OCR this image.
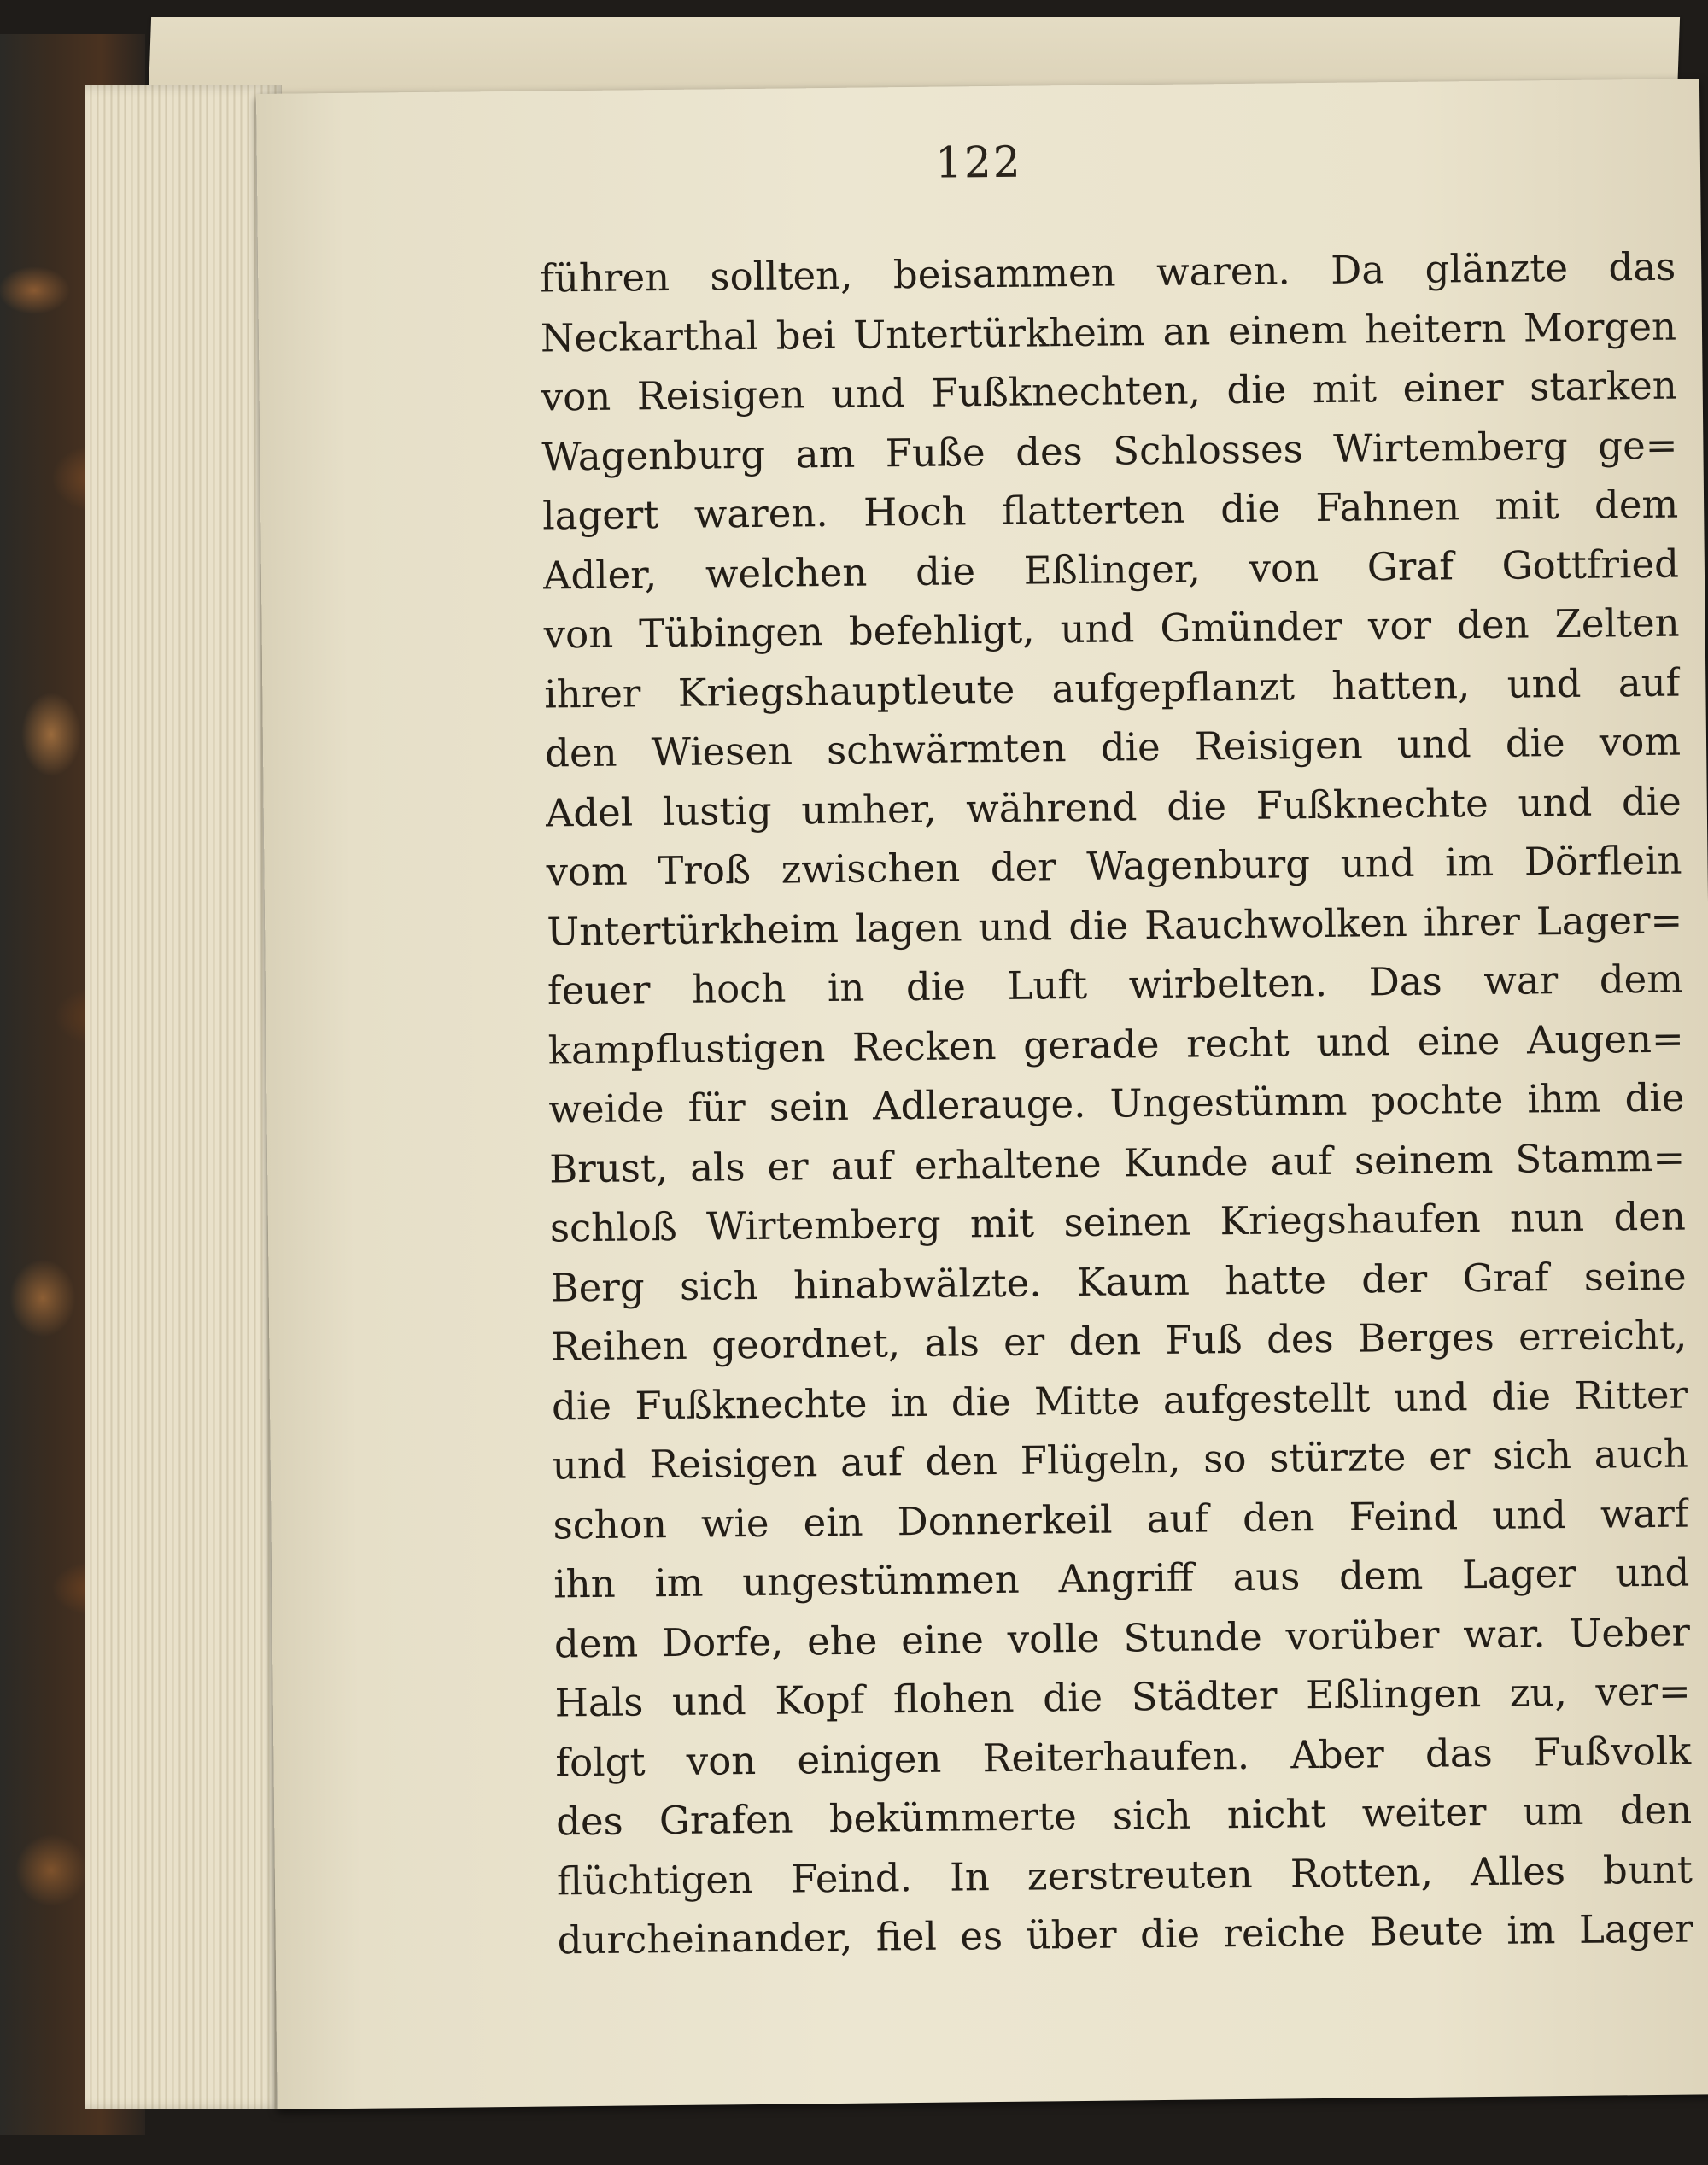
122
führen sollten, beisammen waren. Da glänzte das
Neckarthal bei Untertürkheim an einem heitern Morgen
von Reisigen und Fußknechten, die mit einer starken
Wagenburg am Fuße des Schlosses Wirtemberg ge=
lagert waren. Hoch flatterten die Fahnen mit dem
Adler, welchen die Eßlinger, von Graf Gottfried
von Tübingen befehligt, und Gmünder vor den Zelten
ihrer Kriegshauptleute aufgepflanzt hatten, und auf
den Wiesen schwärmten die Reisigen und die vom
Adel lustig umher, während die Fußknechte und die
vom Troß zwischen der Wagenburg und im Dörflein
Untertürkheim lagen und die Rauchwolken ihrer Lager=
feuer hoch in die Luft wirbelten. Das war dem
kampflustigen Recken gerade recht und eine Augen=
weide für sein Adlerauge. Ungestümm pochte ihm die
Brust, als er auf erhaltene Kunde auf seinem Stamm=
schloß Wirtemberg mit seinen Kriegshaufen nun den
Berg sich hinabwälzte. Kaum hatte der Graf seine
Reihen geordnet, als er den Fuß des Berges erreicht,
die Fußknechte in die Mitte aufgestellt und die Ritter
und Reisigen auf den Flügeln, so stürzte er sich auch
schon wie ein Donnerkeil auf den Feind und warf
ihn im ungestümmen Angriff aus dem Lager und
dem Dorfe, ehe eine volle Stunde vorüber war. Ueber
Hals und Kopf flohen die Städter Eßlingen zu, ver=
folgt von einigen Reiterhaufen. Aber das Fußvolk
des Grafen bekümmerte sich nicht weiter um den
flüchtigen Feind. In zerstreuten Rotten, Alles bunt
durcheinander, fiel es über die reiche Beute im Lager
